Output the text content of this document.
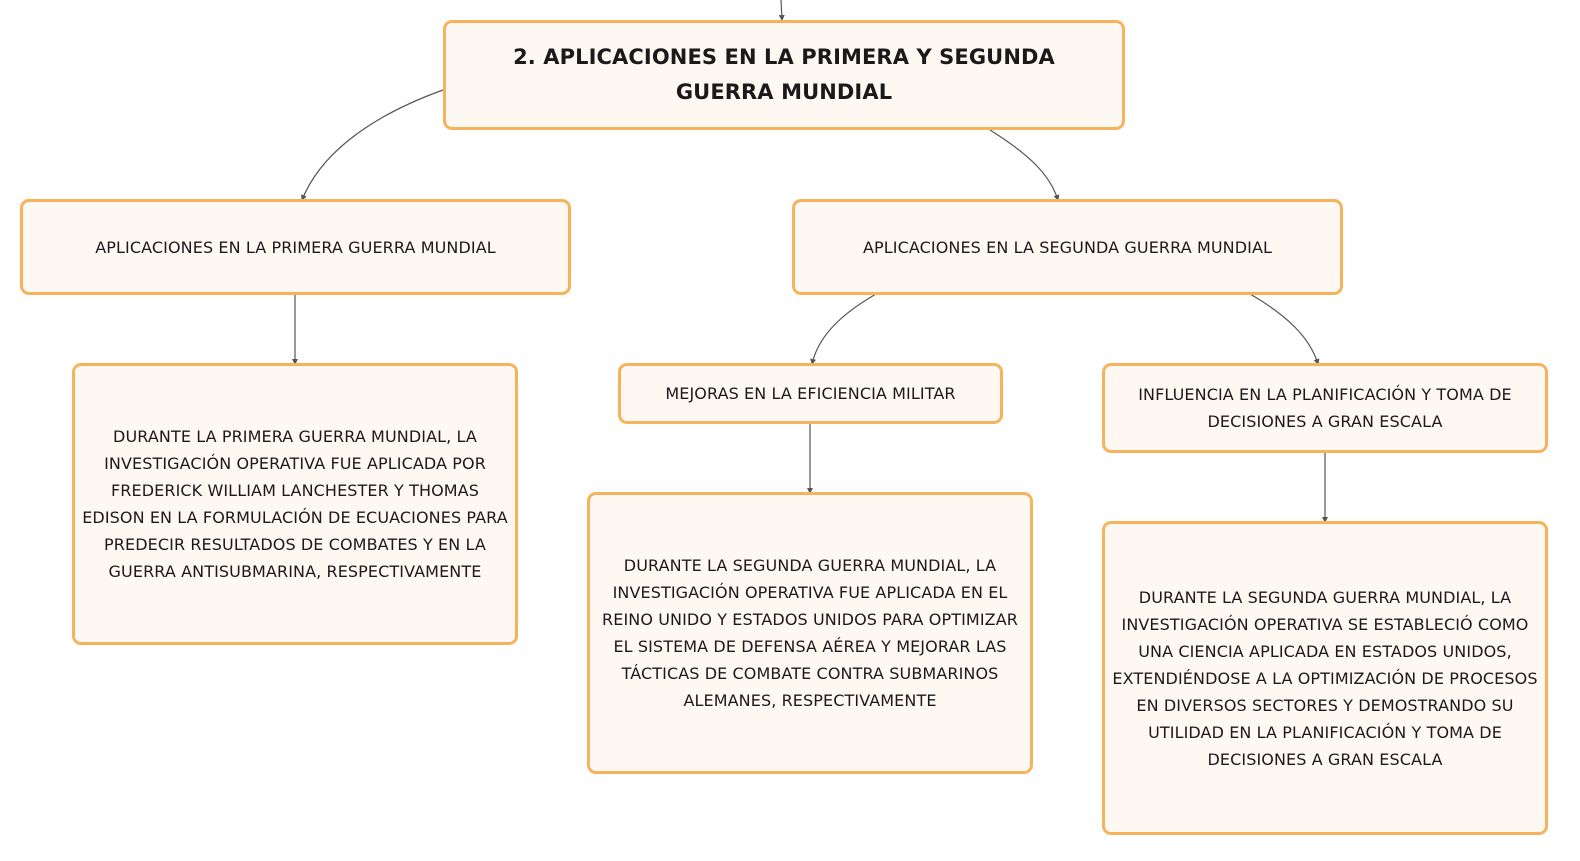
2. APLICACIONES EN LA PRIMERA Y SEGUNDA GUERRA MUNDIAL
APLICACIONES EN LA PRIMERA GUERRA MUNDIAL	APLICACIONES EN LA SEGUNDA GUERRA MUNDIAL
DURANTE LA PRIMERA GUERRA MUNDIAL, LA INVESTIGACIÓN OPERATIVA FUE APLICADA POR FREDERICK WILLIAM LANCHESTER Y THOMAS EDISON EN LA FORMULACIÓN DE ECUACIONES PARA PREDECIR RESULTADOS DE COMBATES Y EN LA GUERRA ANTISUBMARINA, RESPECTIVAMENTE
MEJORAS EN LA EFICIENCIA MILITAR	INFLUENCIA EN LA PLANIFICACIÓN Y TOMA DE DECISIONES A GRAN ESCALA
DURANTE LA SEGUNDA GUERRA MUNDIAL, LA INVESTIGACIÓN OPERATIVA FUE APLICADA EN EL REINO UNIDO Y ESTADOS UNIDOS PARA OPTIMIZAR EL SISTEMA DE DEFENSA AÉREA Y MEJORAR LAS TÁCTICAS DE COMBATE CONTRA SUBMARINOS ALEMANES, RESPECTIVAMENTE
DURANTE LA SEGUNDA GUERRA MUNDIAL, LA INVESTIGACIÓN OPERATIVA SE ESTABLECIÓ COMO UNA CIENCIA APLICADA EN ESTADOS UNIDOS, EXTENDIÉNDOSE A LA OPTIMIZACIÓN DE PROCESOS EN DIVERSOS SECTORES Y DEMOSTRANDO SU UTILIDAD EN LA PLANIFICACIÓN Y TOMA DE DECISIONES A GRAN ESCALA
